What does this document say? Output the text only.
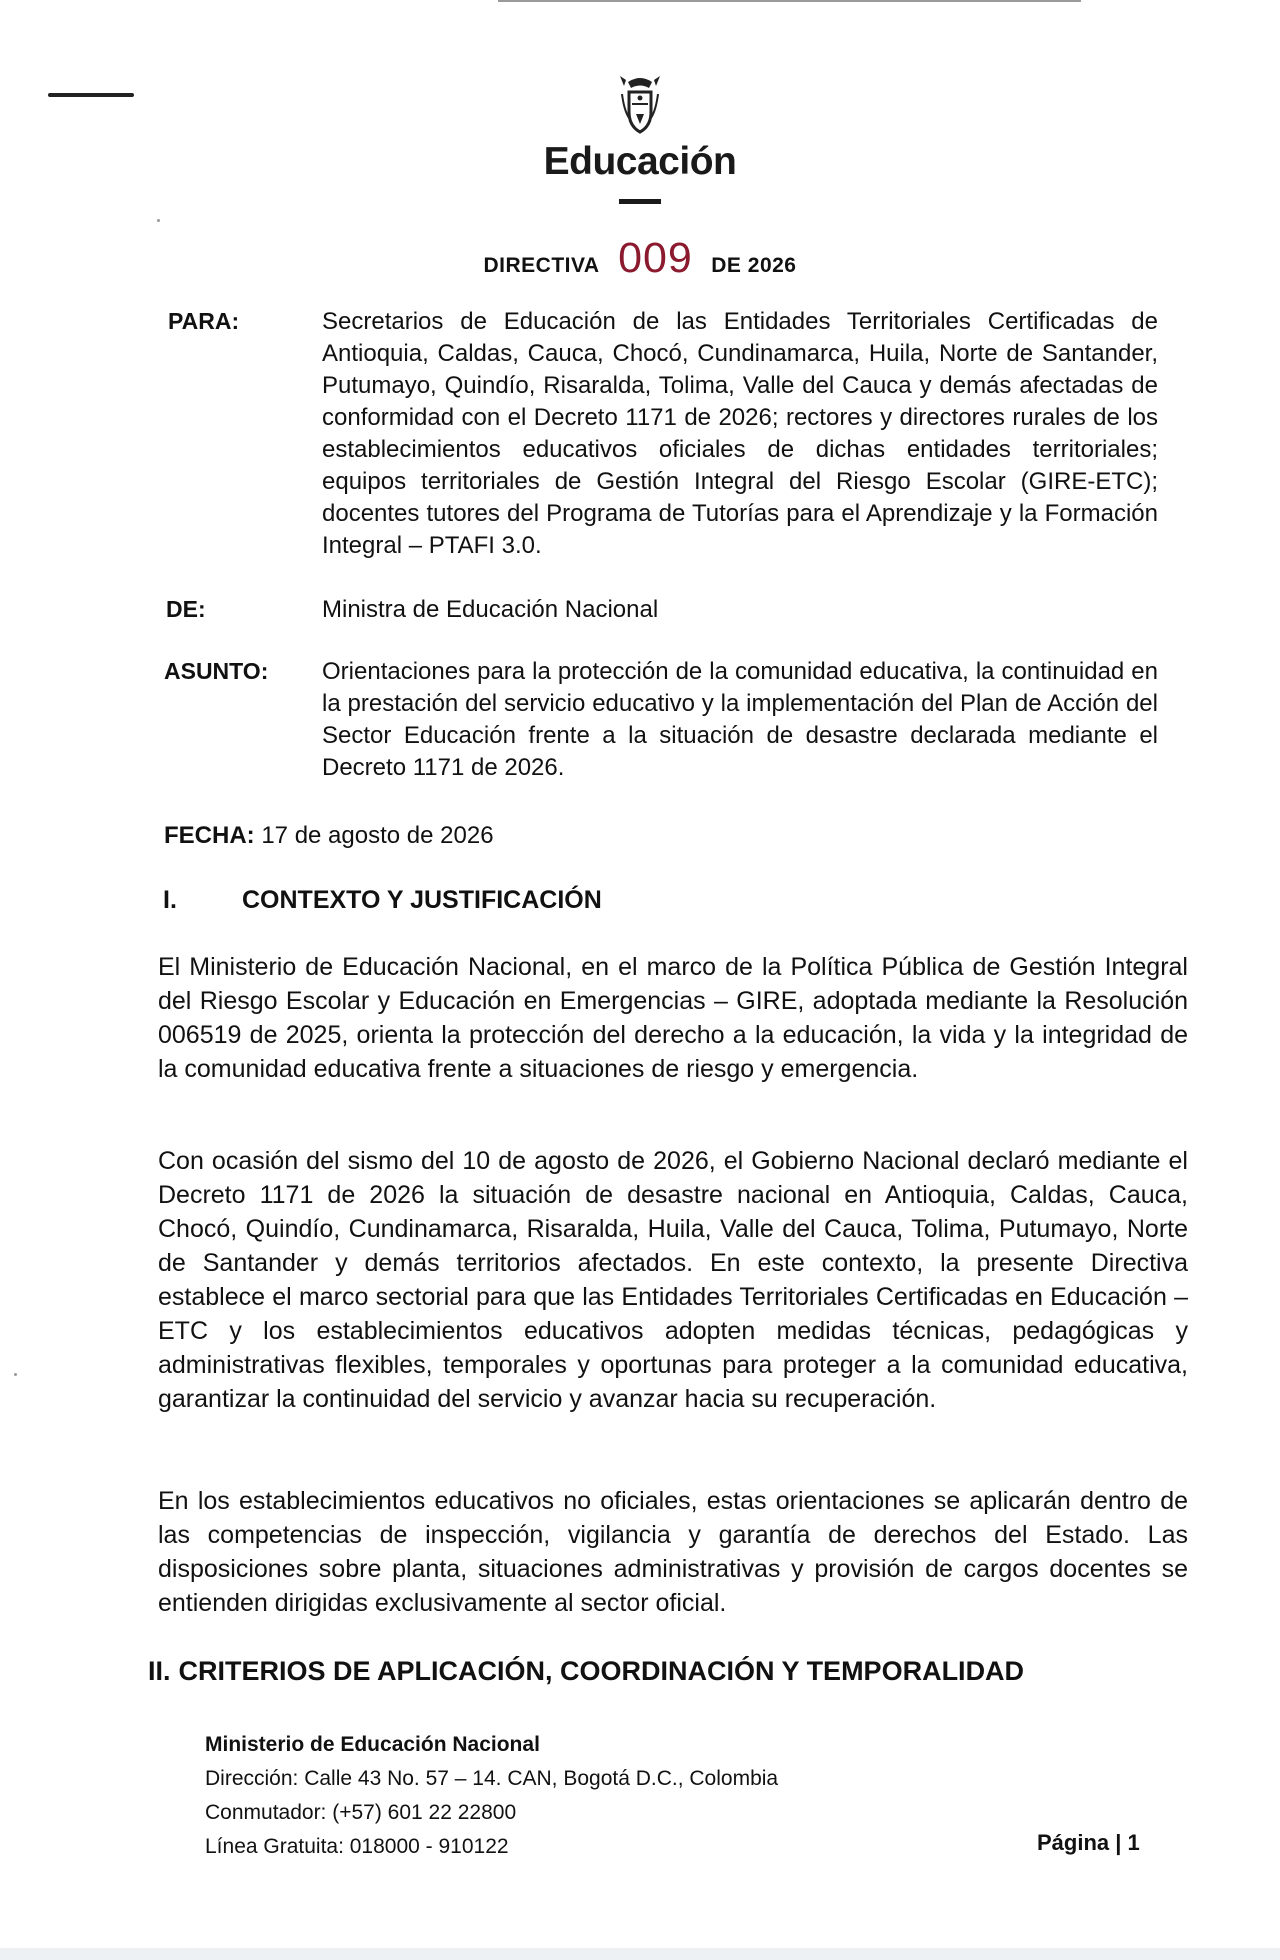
Educación
DIRECTIVA 009 DE 2026
PARA:	Secretarios de Educación de las Entidades Territoriales Certificadas de Antioquia, Caldas, Cauca, Chocó, Cundinamarca, Huila, Norte de Santander, Putumayo, Quindío, Risaralda, Tolima, Valle del Cauca y demás afectadas de conformidad con el Decreto 1171 de 2026; rectores y directores rurales de los establecimientos educativos oficiales de dichas entidades territoriales; equipos territoriales de Gestión Integral del Riesgo Escolar (GIRE-ETC); docentes tutores del Programa de Tutorías para el Aprendizaje y la Formación Integral – PTAFI 3.0.
DE:	Ministra de Educación Nacional
ASUNTO: Orientaciones para la protección de la comunidad educativa, la continuidad en la prestación del servicio educativo y la implementación del Plan de Acción del Sector Educación frente a la situación de desastre declarada mediante el Decreto 1171 de 2026.
FECHA: 17 de agosto de 2026
I.	CONTEXTO Y JUSTIFICACIÓN
El Ministerio de Educación Nacional, en el marco de la Política Pública de Gestión Integral del Riesgo Escolar y Educación en Emergencias – GIRE, adoptada mediante la Resolución 006519 de 2025, orienta la protección del derecho a la educación, la vida y la integridad de la comunidad educativa frente a situaciones de riesgo y emergencia.
Con ocasión del sismo del 10 de agosto de 2026, el Gobierno Nacional declaró mediante el Decreto 1171 de 2026 la situación de desastre nacional en Antioquia, Caldas, Cauca, Chocó, Quindío, Cundinamarca, Risaralda, Huila, Valle del Cauca, Tolima, Putumayo, Norte de Santander y demás territorios afectados. En este contexto, la presente Directiva establece el marco sectorial para que las Entidades Territoriales Certificadas en Educación – ETC y los establecimientos educativos adopten medidas técnicas, pedagógicas y administrativas flexibles, temporales y oportunas para proteger a la comunidad educativa, garantizar la continuidad del servicio y avanzar hacia su recuperación.
En los establecimientos educativos no oficiales, estas orientaciones se aplicarán dentro de las competencias de inspección, vigilancia y garantía de derechos del Estado. Las disposiciones sobre planta, situaciones administrativas y provisión de cargos docentes se entienden dirigidas exclusivamente al sector oficial.
II. CRITERIOS DE APLICACIÓN, COORDINACIÓN Y TEMPORALIDAD
Ministerio de Educación Nacional
Dirección: Calle 43 No. 57 – 14. CAN, Bogotá D.C., Colombia
Conmutador: (+57) 601 22 22800
Línea Gratuita: 018000 - 910122	Página | 1
